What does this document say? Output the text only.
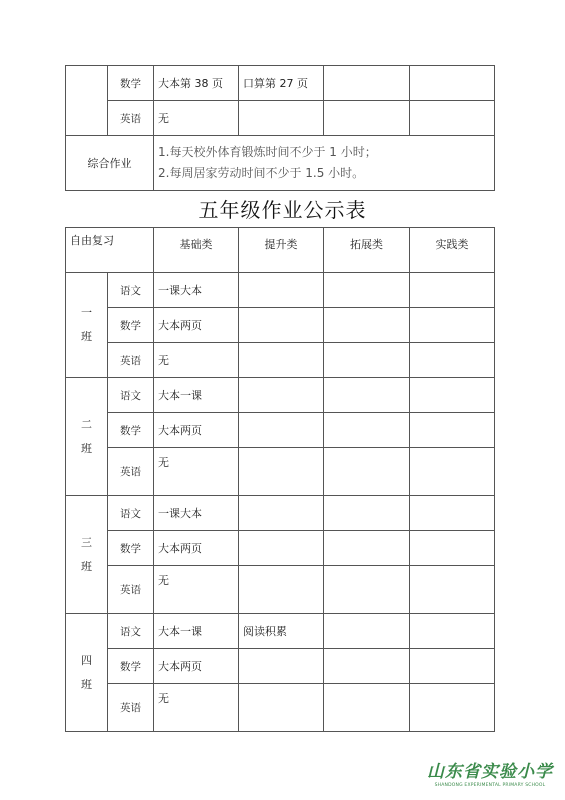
	数学	大本第 38 页	口算第 27 页		
	英语	无			
综合作业		1.每天校外体育锻炼时间不少于 1 小时；
2.每周居家劳动时间不少于 1.5 小时。			
五年级作业公示表
自由复习		基础类	提升类	拓展类	实践类
一
班	语文	一课大本			
	数学	大本两页			
	英语	无			
二
班	语文	大本一课			
	数学	大本两页			
	英语	无			
三
班	语文	一课大本			
	数学	大本两页			
	英语	无			
四
班	语文	大本一课	阅读积累		
	数学	大本两页			
	英语	无			
山东省实验小学
SHANDONG EXPERIMENTAL PRIMARY SCHOOL
